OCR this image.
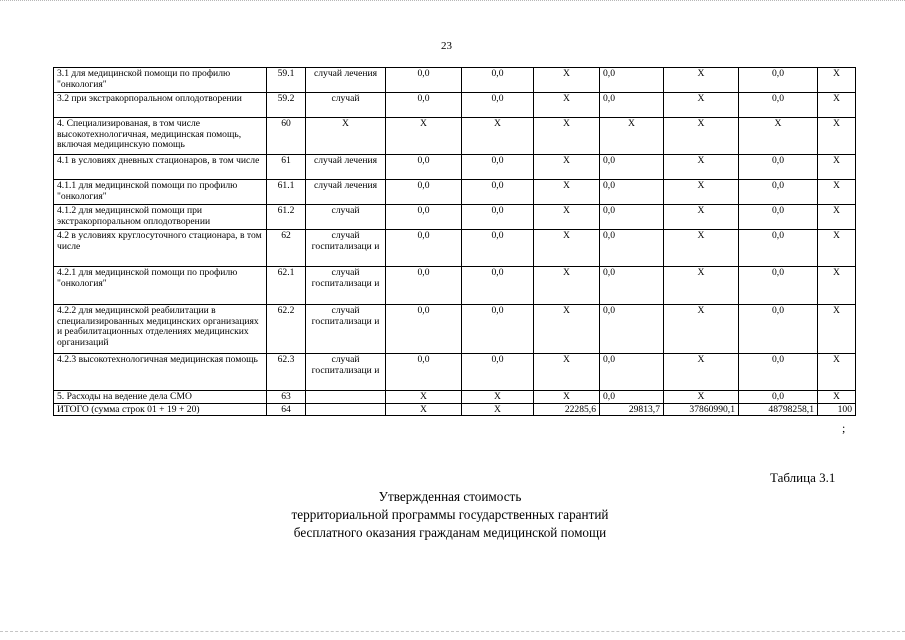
23
3.1 для медицинской помощи по профилю "онкология"	59.1	случай лечения	0,0	0,0	X	0,0	X	0,0	X
3.2 при экстракорпоральном оплодотворении	59.2	случай	0,0	0,0	X	0,0	X	0,0	X
4. Специализированая, в том числе высокотехнологичная, медицинская помощь, включая медицинскую помощь	60	X	X	X	X	X	X	X	X
4.1 в условиях дневных стационаров, в том числе	61	случай лечения	0,0	0,0	X	0,0	X	0,0	X
4.1.1 для медицинской помощи по профилю "онкология"	61.1	случай лечения	0,0	0,0	X	0,0	X	0,0	X
4.1.2 для медицинской помощи при экстракорпоральном оплодотворении	61.2	случай	0,0	0,0	X	0,0	X	0,0	X
4.2 в условиях круглосуточного стационара, в том числе	62	случай госпитализаци и	0,0	0,0	X	0,0	X	0,0	X
4.2.1 для медицинской помощи по профилю "онкология"	62.1	случай госпитализаци и	0,0	0,0	X	0,0	X	0,0	X
4.2.2 для медицинской реабилитации в специализированных медицинских организациях и реабилитационных отделениях медицинских организаций	62.2	случай госпитализаци и	0,0	0,0	X	0,0	X	0,0	X
4.2.3 высокотехнологичная медицинская помощь	62.3	случай госпитализаци и	0,0	0,0	X	0,0	X	0,0	X
5. Расходы на ведение дела СМО	63		X	X	X	0,0	X	0,0	X
ИТОГО (сумма строк 01 + 19 + 20)	64		X	X	22285,6	29813,7	37860990,1	48798258,1	100
;
Таблица 3.1
Утвержденная стоимость
территориальной программы государственных гарантий
бесплатного оказания гражданам медицинской помощи
